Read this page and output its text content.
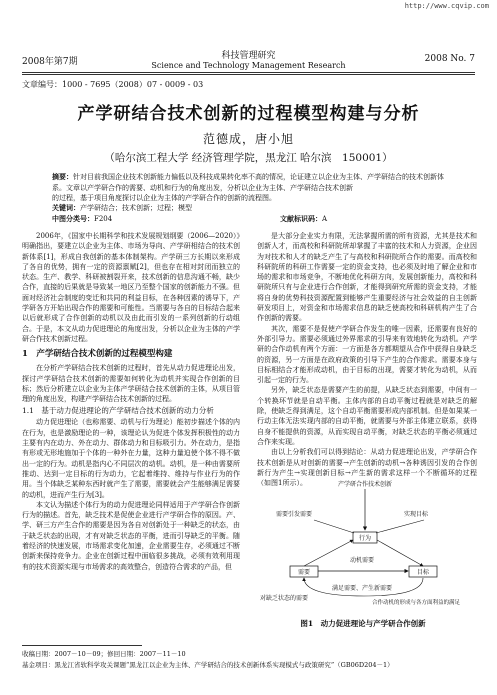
http://www.cqvip.com
2008年第7期
科技管理研究
Science and Technology Management Research
2008 No. 7
文章编号：1000 - 7695（2008）07 - 0009 - 03
产学研结合技术创新的过程模型构建与分析
范德成，唐小旭
（哈尔滨工程大学 经济管理学院，黑龙江 哈尔滨　150001）
摘要：针对目前我国企业技术创新能力偏低以及科技成果转化率不高的情况，论证建立以企业为主体、产学研结合的技术创新体系。文章以产学研合作的需要、动机和行为的角度出发，分析以企业为主体、产学研结合技术创新
的过程，基于项目角度探讨以企业为主体的产学研合作的创新的流程图。
关键词：产学研结合；技术创新；过程；模型
中图分类号：F204	文献标识码：A

2006年，《国家中长期科学和技术发展规划纲要（2006—2020）》明确指出，要建立以企业为主体、市场为导向、产学研相结合的技术创新体系[1]，形成自我创新的基本体制架构。产学研三方长期以来形成了各自的优势，拥有一定的资源禀赋[2]，但也存在相对封闭而独立的状态。生产、教学、科研被割裂开来，技术创新的信息沟通不畅，缺少合作，直接的后果就是导致某一地区乃至整个国家的创新能力不强。但面对经济社会制度的变迁和共同的利益目标，在各种因素的诱导下，产学研各方开始出现合作的需要和可能性。当需要与各自的目标结合起来以后就形成了合作创新的动机以及由此而引发的一系列创新的行动组合。于是，本文从动力促进理论的角度出发，分析以企业为主体的产学研合作技术创新过程。

1　产学研结合技术创新的过程模型构建

在分析产学研结合技术创新的过程时，首先从动力促进理论出发，探讨产学研结合技术创新的需要如何转化为动机并实现合作创新的目标；然后分析建立以企业为主体产学研结合技术创新的主体，从项目管理的角度出发，构建产学研结合技术创新的过程。

1.1　基于动力促进理论的产学研结合技术创新的动力分析

动力促进理论（也称需要、动机与行为理论）能初步描述个体的内在行为，也是激励理论的一种，该理论认为促进个体发挥积极性的动力主要有内在动力、外在动力、群体动力和目标吸引力。外在动力，是指有形或无形地施加于个体的一种外在力量，这种力量迫使个体不得不做出一定的行为。动机是指内心不同层次的动机。动机，是一种由需要所推动、达到一定目标的行为动力，它起着维持、维持与作业行为的作用。当个体缺乏某种东西时就产生了需要，需要就会产生能够满足需要的动机，进而产生行为[3]。

本文认为描述个体行为的动力促进理论同样适用于产学研合作创新行为的描述。首先，缺乏技术是促使企业进行产学研合作的原因。产、学、研三方产生合作的需要是因为各自对创新处于一种缺乏的状态，由于缺乏状态的出现，才有对缺乏状态的平衡，进而引导缺乏的平衡。随着经济的快速发展，市场需求变化加速，企业需要生存，必须通过不断创新来保持竞争力。企业在创新过程中面临很多挑战，必须有效利用现有的技术资源实现与市场需求的高效整合，创造符合需求的产品，但

是大部分企业实力有限，无法掌握所需的所有资源，尤其是技术和创新人才，而高校和科研院所却掌握了丰富的技术和人力资源，企业因为对技术和人才的缺乏产生了与高校和科研院所合作的需要。而高校和科研院所的科研工作需要一定的资金支持，也必须及时地了解企业和市场的需求和市场竞争，不断地优化科研方向，发展创新能力，高校和科研院所只有与企业进行合作创新，才能得到研究所需的资金支持，才能将自身的优势科技资源配置到能够产生重要经济与社会效益的自主创新研发项目上，对资金和市场需求信息的缺乏使高校和科研机构产生了合作创新的需要。

其次，需要不是促使产学研合作发生的唯一因素，还需要有良好的外部引导力。需要必须通过外界需求的引导来有效地转化为动机。产学研的合作动机有两个方面：一方面是各方都期望从合作中获得自身缺乏的资源，另一方面是在政府政策的引导下产生的合作需求。需要本身与目标相结合才能形成动机，由于目标的出现，需要才转化为动机，从而引起一定的行为。

另外，缺乏状态是需要产生的前提，从缺乏状态到需要，中间有一个转换环节就是自动平衡。主体内部的自动平衡过程就是对缺乏的解除，使缺乏得到满足，这个自动平衡需要形成内部机制。但是如果某一行动主体无法实现内部的自动平衡，就需要与外部主体建立联系，获得自身不能提供的资源，从而实现自动平衡，对缺乏状态的平衡必须通过合作来实现。

由以上分析我们可以得到结论：从动力促进理论出发，产学研合作技术创新是从对创新的需要→产生创新的动机→各种诱因引发的合作创新行为产生→实现创新目标→产生新的需求这样一个不断循环的过程（如图1所示）。	产学研合作技术创新
需要引发需要	实现目标
行为
需要	目标
动机需要
对缺乏状态的需要
满足需要、产生新需要
合作动机的形成与各方面利益的满足
图1　动力促进理论与产学研合作创新
收稿日期：2007－10－09；修回日期：2007－11－10
基金项目：黑龙江省软科学攻关课题“黑龙江以企业为主体、产学研结合的技术创新体系实现模式与政策研究”（GB06D204－1）
